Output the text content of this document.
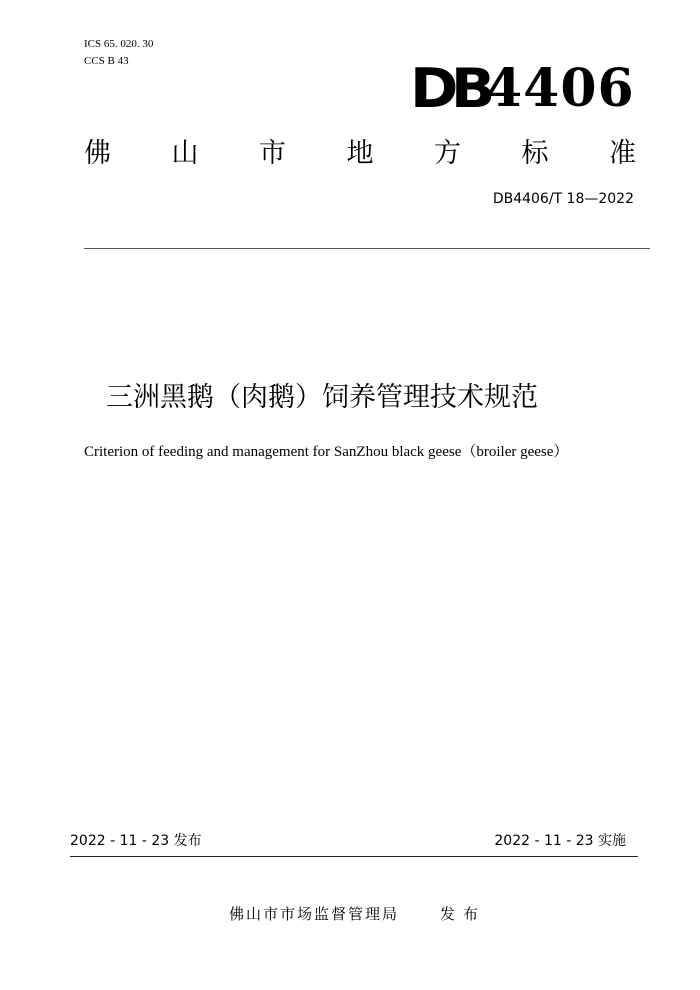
ICS 65. 020. 30
CCS B 43	DB
4406
佛 山 市 地 方 标 准
DB4406/T 18—2022
三洲黑鹅（肉鹅）饲养管理技术规范
Criterion of feeding and management for SanZhou black geese（broiler geese）
2022 - 11 - 23 发布	2022 - 11 - 23 实施
佛山市市场监督管理局	发布
